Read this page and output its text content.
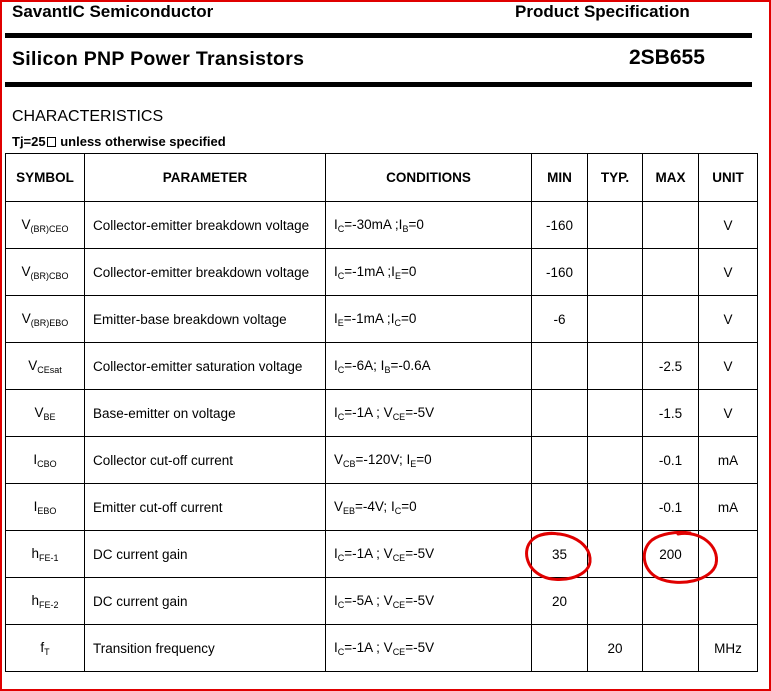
SavantIC Semiconductor	Product Specification
Silicon PNP Power Transistors	2SB655
CHARACTERISTICS
Tj=25 unless otherwise specified
SYMBOL	PARAMETER	CONDITIONS	MIN	TYP.	MAX	UNIT
$V_{(BR)CEO}$	Collector-emitter breakdown voltage	$I_C=-30mA$ $;I_B=0$	-160			V
$V_{(BR)CBO}$	Collector-emitter breakdown voltage	$I_C=-1mA$ $;I_E=0$	-160			V
$V_{(BR)EBO}$	Emitter-base breakdown voltage	$I_E=-1mA$ $;I_C=0$	-6			V
$V_{CEsat}$	Collector-emitter saturation voltage	$I_C=-6A$; $I_B=-0.6A$			-2.5	V
$V_{BE}$	Base-emitter on voltage	$I_C=-1A$ ; $V_{CE}=-5V$			-1.5	V
$I_{CBO}$	Collector cut-off current	$V_{CB}=-120V$; $I_E=0$			-0.1	mA
$I_{EBO}$	Emitter cut-off current	$V_{EB}=-4V$; $I_C=0$			-0.1	mA
$h_{FE-1}$	DC current gain	$I_C=-1A$ ; $V_{CE}=-5V$	35		200	
$h_{FE-2}$	DC current gain	$I_C=-5A$ ; $V_{CE}=-5V$	20			
$f_T$	Transition frequency	$I_C=-1A$ ; $V_{CE}=-5V$		20		MHz
